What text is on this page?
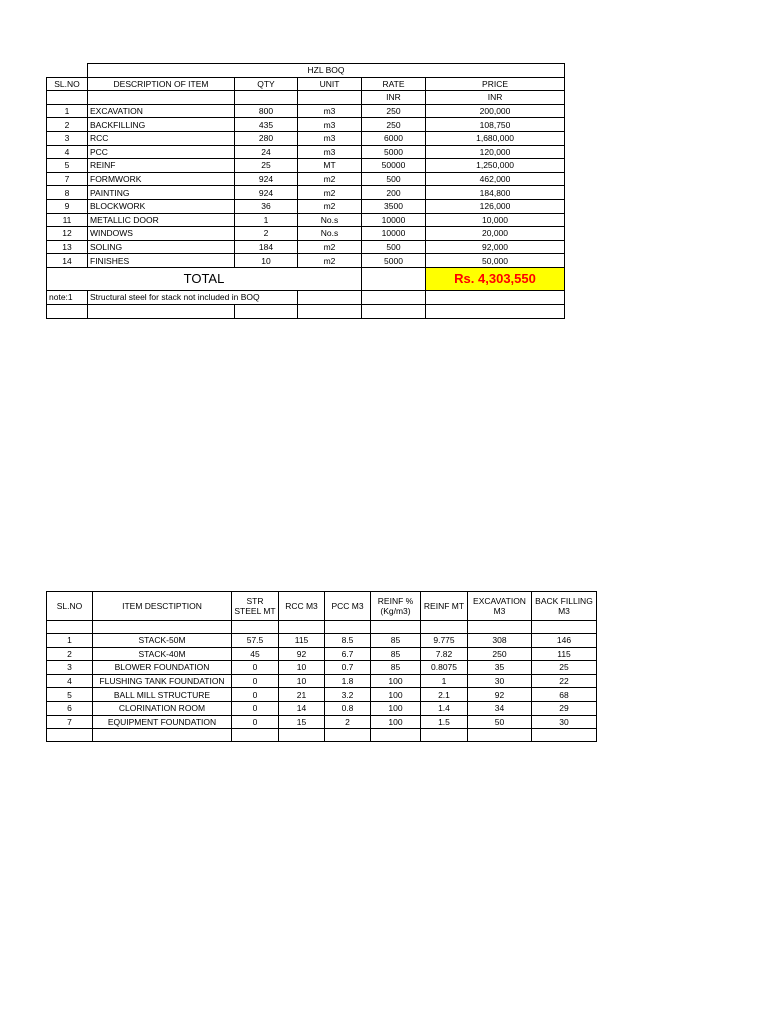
	HZL BOQ				
SL.NO	DESCRIPTION OF ITEM	QTY	UNIT	RATE	PRICE
				INR	INR
1	EXCAVATION	800	m3	250	200,000
2	BACKFILLING	435	m3	250	108,750
3	RCC	280	m3	6000	1,680,000
4	PCC	24	m3	5000	120,000
5	REINF	25	MT	50000	1,250,000
7	FORMWORK	924	m2	500	462,000
8	PAINTING	924	m2	200	184,800
9	BLOCKWORK	36	m2	3500	126,000
11	METALLIC DOOR	1	No.s	10000	10,000
12	WINDOWS	2	No.s	10000	20,000
13	SOLING	184	m2	500	92,000
14	FINISHES	10	m2	5000	50,000
TOTAL					Rs. 4,303,550
note:1	Structural steel for stack not included in BOQ				

SL.NO	ITEM DESCTIPTION	STR STEEL MT	RCC M3	PCC M3	REINF % (Kg/m3)	REINF MT	EXCAVATION M3	BACK FILLING M3

1	STACK-50M	57.5	115	8.5	85	9.775	308	146
2	STACK-40M	45	92	6.7	85	7.82	250	115
3	BLOWER FOUNDATION	0	10	0.7	85	0.8075	35	25
4	FLUSHING TANK FOUNDATION	0	10	1.8	100	1	30	22
5	BALL MILL STRUCTURE	0	21	3.2	100	2.1	92	68
6	CLORINATION ROOM	0	14	0.8	100	1.4	34	29
7	EQUIPMENT FOUNDATION	0	15	2	100	1.5	50	30
